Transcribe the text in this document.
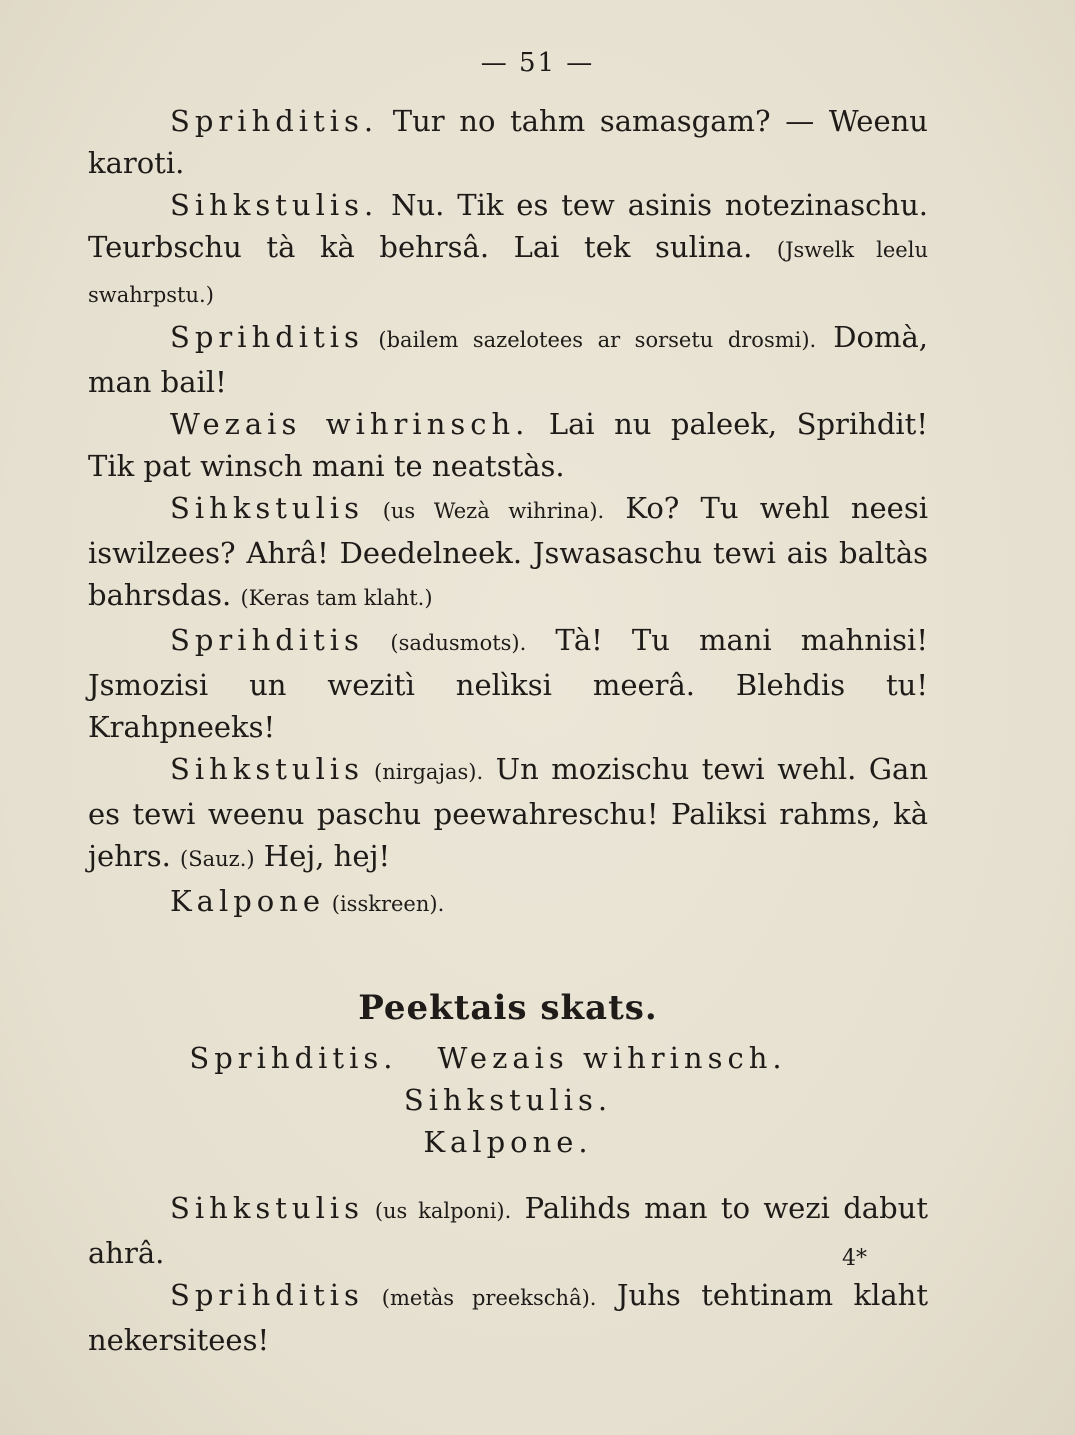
— 51 —

Sprihditis. Tur no tahm samasgam? — Weenu karoti.

Sihkstulis. Nu. Tik es tew asinis notezinaschu. Teurbschu tà kà behrsâ. Lai tek sulina. (Jswelk leelu swahrpstu.)

Sprihditis (bailem sazelotees ar sorsetu drosmi). Domà, man bail!

Wezais wihrinsch. Lai nu paleek, Sprihdit! Tik pat winsch mani te neatstàs.

Sihkstulis (us Wezà wihrina). Ko? Tu wehl neesi iswilzees? Ahrâ! Deedelneek. Jswasaschu tewi ais baltàs bahrsdas. (Keras tam klaht.)

Sprihditis (sadusmots). Tà! Tu mani mahnisi! Jsmozisi un wezitì nelìksi meerâ. Blehdis tu! Krahpneeks!

Sihkstulis (nirgajas). Un mozischu tewi wehl. Gan es tewi weenu paschu peewahreschu! Paliksi rahms, kà jehrs. (Sauz.) Hej, hej!

Kalpone (isskreen).

Peektais skats.

Sprihditis. Wezais wihrinsch.Sihkstulis.
Kalpone.

Sihkstulis (us kalponi). Palihds man to wezi dabut ahrâ.

Sprihditis (metàs preekschâ). Juhs tehtinam klaht nekersitees!

4*
